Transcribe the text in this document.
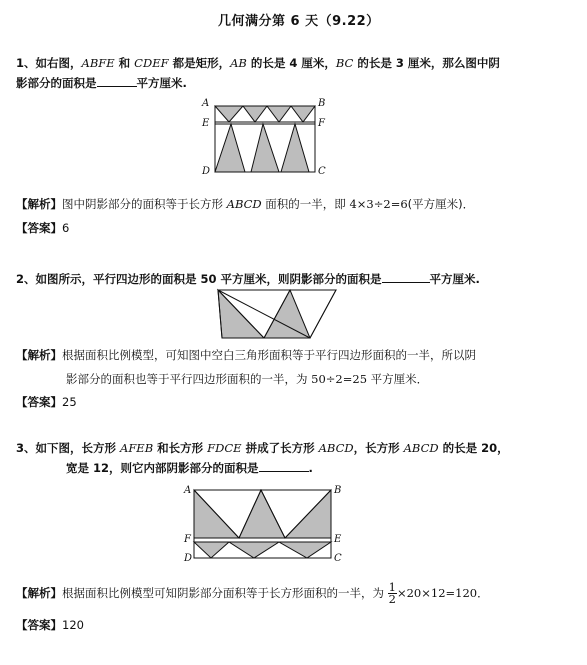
几何满分第 6 天（9.22）
1、如右图，ABFE 和 CDEF 都是矩形，AB 的长是 4 厘米，BC 的长是 3 厘米，那么图中阴
影部分的面积是	平方厘米.
A	B
E	F
D	C
【解析】图中阴影部分的面积等于长方形 ABCD 面积的一半，即 4×3÷2=6(平方厘米)．
【答案】6
2、如图所示，平行四边形的面积是 50 平方厘米，则阴影部分的面积是	平方厘米.
【解析】根据面积比例模型，可知图中空白三角形面积等于平行四边形面积的一半，所以阴
影部分的面积也等于平行四边形面积的一半，为 50÷2=25 平方厘米．
【答案】25
3、如下图，长方形 AFEB 和长方形 FDCE 拼成了长方形 ABCD，长方形 ABCD 的长是 20，
宽是 12，则它内部阴影部分的面积是	.
A	B
F	E
D	C
【解析】根据面积比例模型可知阴影部分面积等于长方形面积的一半，为 $\frac{1}{2} \times 20\times 12=120$．
【答案】120
